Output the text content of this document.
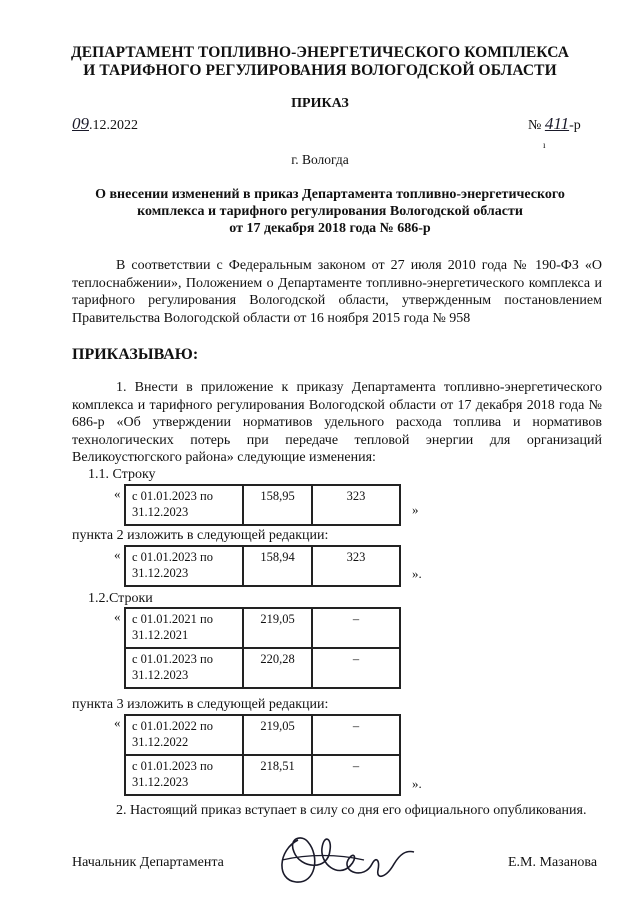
ДЕПАРТАМЕНТ ТОПЛИВНО-ЭНЕРГЕТИЧЕСКОГО КОМПЛЕКСА
И ТАРИФНОГО РЕГУЛИРОВАНИЯ ВОЛОГОДСКОЙ ОБЛАСТИ
ПРИКАЗ
09.12.2022	№ 411-р
ı
г. Вологда
О внесении изменений в приказ Департамента топливно-энергетического
комплекса и тарифного регулирования Вологодской области
от 17 декабря 2018 года № 686-р
В соответствии с Федеральным законом от 27 июля 2010 года № 190-ФЗ «О теплоснабжении», Положением о Департаменте топливно-энергетического комплекса и тарифного регулирования Вологодской области, утвержденным постановлением Правительства Вологодской области от 16 ноября 2015 года № 958
ПРИКАЗЫВАЮ:
1. Внести в приложение к приказу Департамента топливно-энергетического комплекса и тарифного регулирования Вологодской области от 17 декабря 2018 года № 686-р «Об утверждении нормативов удельного расхода топлива и нормативов технологических потерь при передаче тепловой энергии для организаций Великоустюгского района» следующие изменения:
1.1. Строку
« с 01.01.2023 по 31.12.2023	158,95	323
»
пункта 2 изложить в следующей редакции:
« с 01.01.2023 по 31.12.2023	158,94	323
».
1.2.Строки
« с 01.01.2021 по 31.12.2021	219,05	–
с 01.01.2023 по 31.12.2023	220,28	–
пункта 3 изложить в следующей редакции:
« с 01.01.2022 по 31.12.2022	219,05	–
с 01.01.2023 по 31.12.2023	218,51	–
».
2. Настоящий приказ вступает в силу со дня его официального опубликования.
Начальник Департамента	Е.М. Мазанова
